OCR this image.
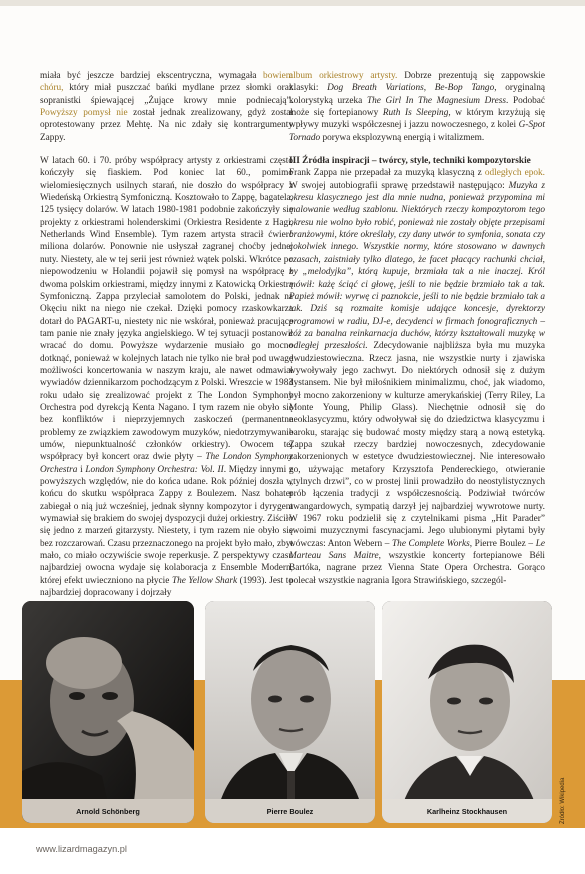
miała być jeszcze bardziej ekscentryczna, wymagała bowiem chóru, który miał puszczać bańki mydlane przez słomki oraz sopranistki śpiewającej „Żujące krowy mnie podniecają”. Powyższy pomysł nie został jednak zrealizowany, gdyż został oprotestowany przez Mehtę. Na nic zdały się kontrargumenty Zappy.

W latach 60. i 70. próby współpracy artysty z orkiestrami często kończyły się fiaskiem. Pod koniec lat 60., pomimo wielomiesięcznych usilnych starań, nie doszło do współpracy z Wiedeńską Orkiestrą Symfoniczną. Kosztowało to Zappę, bagatela, 125 tysięcy dolarów. W latach 1980-1981 podobnie zakończyły się projekty z orkiestrami holenderskimi (Orkiestra Residente z Hagi, Netherlands Wind Ensemble). Tym razem artysta stracił ćwierć miliona dolarów. Ponownie nie usłyszał zagranej choćby jednej nuty. Niestety, ale w tej serii jest również wątek polski. Wkrótce po niepowodzeniu w Holandii pojawił się pomysł na współpracę z dwoma polskim orkiestrami, między innymi z Katowicką Orkiestrą Symfoniczną. Zappa przyleciał samolotem do Polski, jednak na Okęciu nikt na niego nie czekał. Dzięki pomocy rzaskowkarza dotarł do PAGART-u, niestety nic nie wskórał, ponieważ pracujące tam panie nie znały języka angielskiego. W tej sytuacji postanowił wracać do domu. Powyższe wydarzenie musiało go mocno dotknąć, ponieważ w kolejnych latach nie tylko nie brał pod uwagę możliwości koncertowania w naszym kraju, ale nawet odmawiał wywiadów dziennikarzom pochodzącym z Polski. Wreszcie w 1983 roku udało się zrealizować projekt z The London Symphony Orchestra pod dyrekcją Kenta Nagano. I tym razem nie obyło się bez konfliktów i nieprzyjemnych zaskoczeń (permanentne problemy ze związkiem zawodowym muzyków, niedotrzymywanie umów, niepunktualność członków orkiestry). Owocem tej współpracy był koncert oraz dwie płyty – The London Symphony Orchestra i London Symphony Orchestra: Vol. II. Między innymi z powyższych względów, nie do końca udane. Rok później doszła w końcu do skutku współpraca Zappy z Boulezem. Nasz bohater zabiegał o nią już wcześniej, jednak słynny kompozytor i dyrygent wymawiał się brakiem do swojej dyspozycji dużej orkiestry. Ziściło się jedno z marzeń gitarzysty. Niestety, i tym razem nie obyło się bez rozczarowań. Czasu przeznaczonego na projekt było mało, zbyt mało, co miało oczywiście swoje reperkusje. Z perspektywy czasu najbardziej owocna wydaje się kolaboracja z Ensemble Modern, której efekt uwieczniono na płycie The Yellow Shark (1993). Jest to najbardziej dopracowany i dojrzały

album orkiestrowy artysty. Dobrze prezentują się zappowskie klasyki: Dog Breath Variations, Be-Bop Tango, oryginalną kolorystyką urzeka The Girl In The Magnesium Dress. Podobać może się fortepianowy Ruth Is Sleeping, w którym krzyżują się wpływy muzyki współczesnej i jazzu nowoczesnego, z kolei G-Spot Tornado porywa eksplozywną energią i witalizmem.

III Źródła inspiracji – twórcy, style, techniki kompozytorskie
Frank Zappa nie przepadał za muzyką klasyczną z odległych epok. W swojej autobiografii sprawę przedstawił następująco: Muzyka z okresu klasycznego jest dla mnie nudna, ponieważ przypomina mi malowanie według szablonu. Niektórych rzeczy kompozytorom tego okresu nie wolno było robić, ponieważ nie zostały objęte przepisami branżowymi, które określały, czy dany utwór to symfonia, sonata czy cokolwiek innego. Wszystkie normy, które stosowano w dawnych czasach, zaistniały tylko dlatego, że facet płacący rachunki chciał, by „melodyjka”, którą kupuje, brzmiała tak a nie inaczej. Król mówił: każę ściąć ci głowę, jeśli to nie będzie brzmiało tak a tak. Papież mówił: wyrwę ci paznokcie, jeśli to nie będzie brzmiało tak a tak. Dziś są rozmaite komisje udające koncesje, dyrektorzy programowi w radiu, DJ-e, decydenci w firmach fonograficznych – cóż za banalna reinkarnacja duchów, którzy kształtowali muzykę w odległej przeszłości. Zdecydowanie najbliższa była mu muzyka dwudziestowieczna. Rzecz jasna, nie wszystkie nurty i zjawiska wywoływały jego zachwyt. Do niektórych odnosił się z dużym dystansem. Nie był miłośnikiem minimalizmu, choć, jak wiadomo, był mocno zakorzeniony w kulturze amerykańskiej (Terry Riley, La Monte Young, Philip Glass). Niechętnie odnosił się do neoklasycyzmu, który odwoływał się do dziedzictwa klasycyzmu i baroku, starając się budować mosty między starą a nową estetyką. Zappa szukał rzeczy bardziej nowoczesnych, zdecydowanie zakorzenionych w estetyce dwudziestowiecznej. Nie interesowało go, używając metafory Krzysztofa Pendereckiego, otwieranie „tylnych drzwi”, co w prostej linii prowadziło do neostylistycznych prób łączenia tradycji z współczesnością. Podziwiał twórców awangardowych, sympatią darzył jej najbardziej wywrotowe nurty. W 1967 roku podzielił się z czytelnikami pisma „Hit Parader” swoimi muzycznymi fascynacjami. Jego ulubionymi płytami były wówczas: Anton Webern – The Complete Works, Pierre Boulez – Le Marteau Sans Maitre, wszystkie koncerty fortepianowe Béli Bartóka, nagrane przez Vienna State Opera Orchestra. Gorąco polecał wszystkie nagrania Igora Strawińskiego, szczegól-

Arnold Schönberg	Pierre Boulez	Karlheinz Stockhausen	Źródło: Wikipedia
www.lizardmagazyn.pl
